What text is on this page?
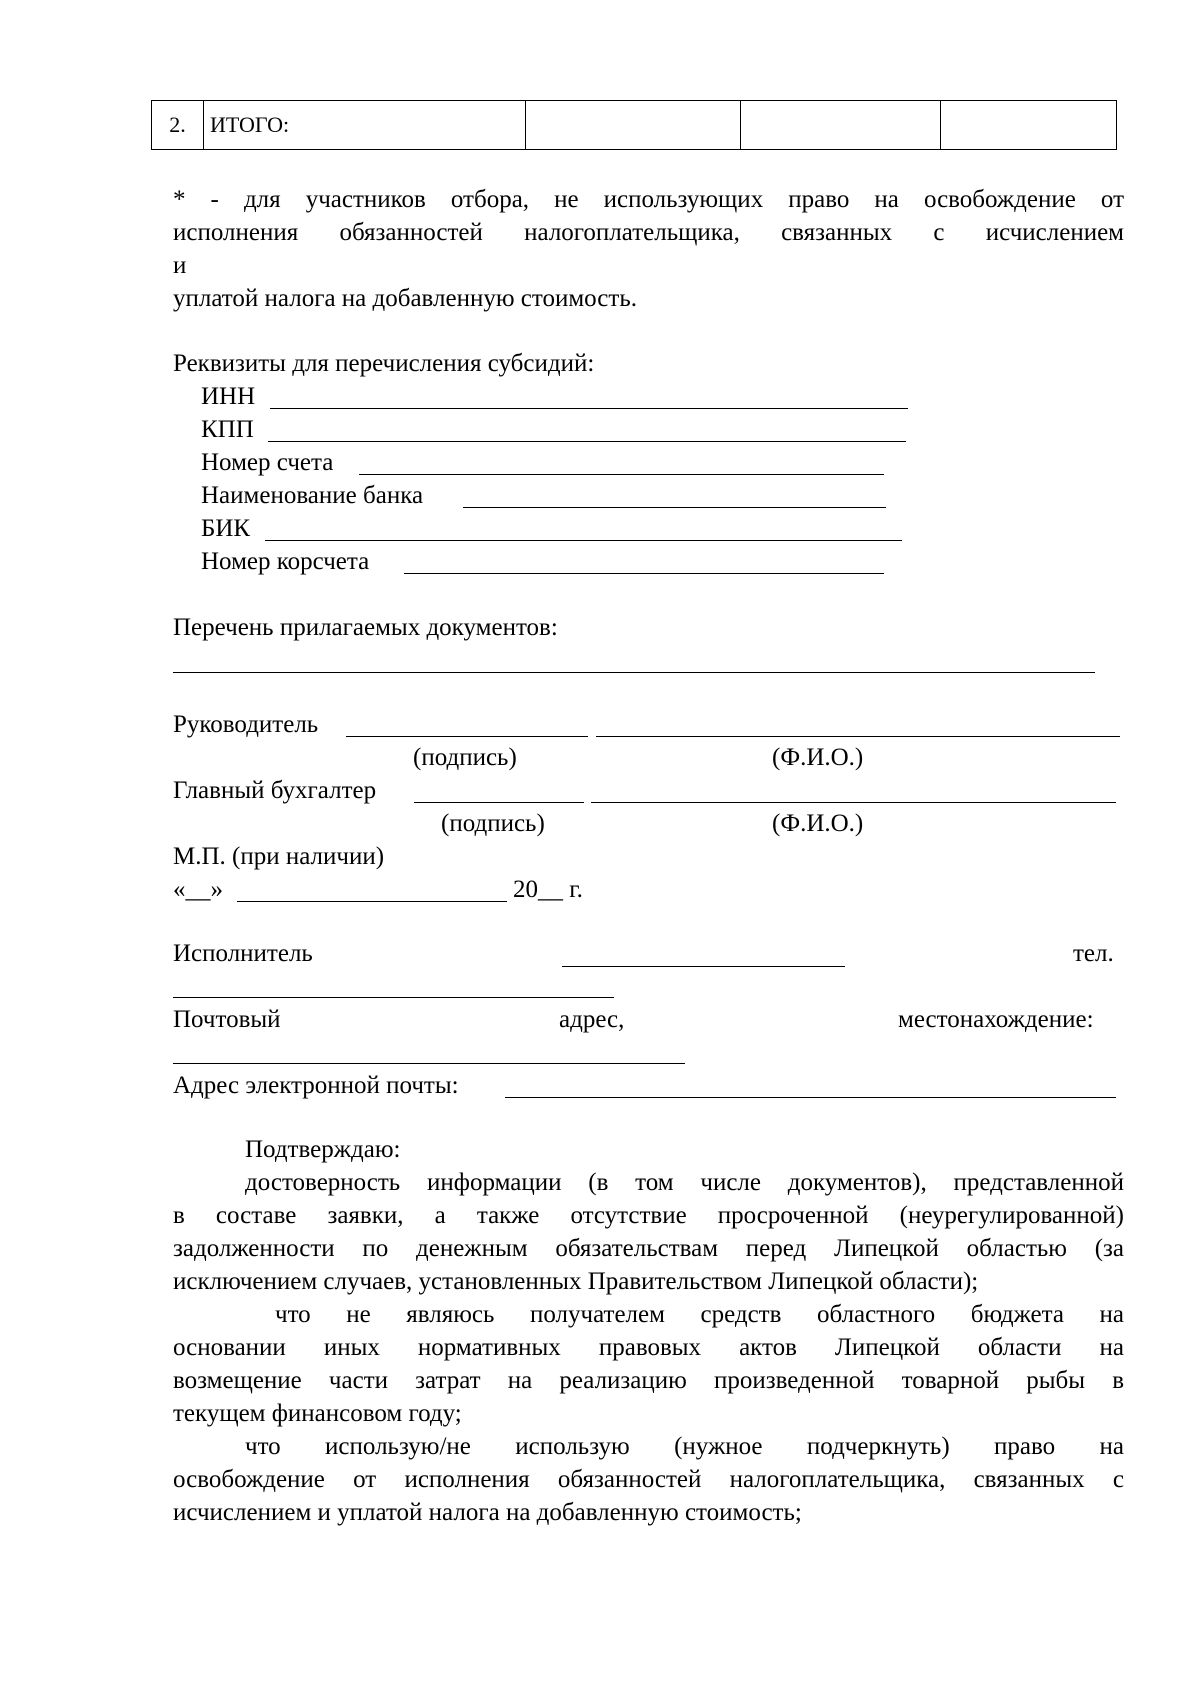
2.	ИТОГО:
* - для участников отбора, не использующих право на освобождение от
исполнения обязанностей налогоплательщика, связанных с исчислением
и
уплатой налога на добавленную стоимость.
Реквизиты для перечисления субсидий:
ИНН
КПП
Номер счета
Наименование банка
БИК
Номер корсчета
Перечень прилагаемых документов:
Руководитель
(подпись)	(Ф.И.О.)
Главный бухгалтер
(подпись)	(Ф.И.О.)
М.П. (при наличии)
«__»	20__ г.
Исполнитель	тел.
Почтовый	адрес,	местонахождение:
Адрес электронной почты:
Подтверждаю:
достоверность информации (в том числе документов), представленной
в составе заявки, а также отсутствие просроченной (неурегулированной)
задолженности по денежным обязательствам перед Липецкой областью (за
исключением случаев, установленных Правительством Липецкой области);
что не являюсь получателем средств областного бюджета на
основании иных нормативных правовых актов Липецкой области на
возмещение части затрат на реализацию произведенной товарной рыбы в
текущем финансовом году;
что использую/не использую (нужное подчеркнуть) право на
освобождение от исполнения обязанностей налогоплательщика, связанных с
исчислением и уплатой налога на добавленную стоимость;
